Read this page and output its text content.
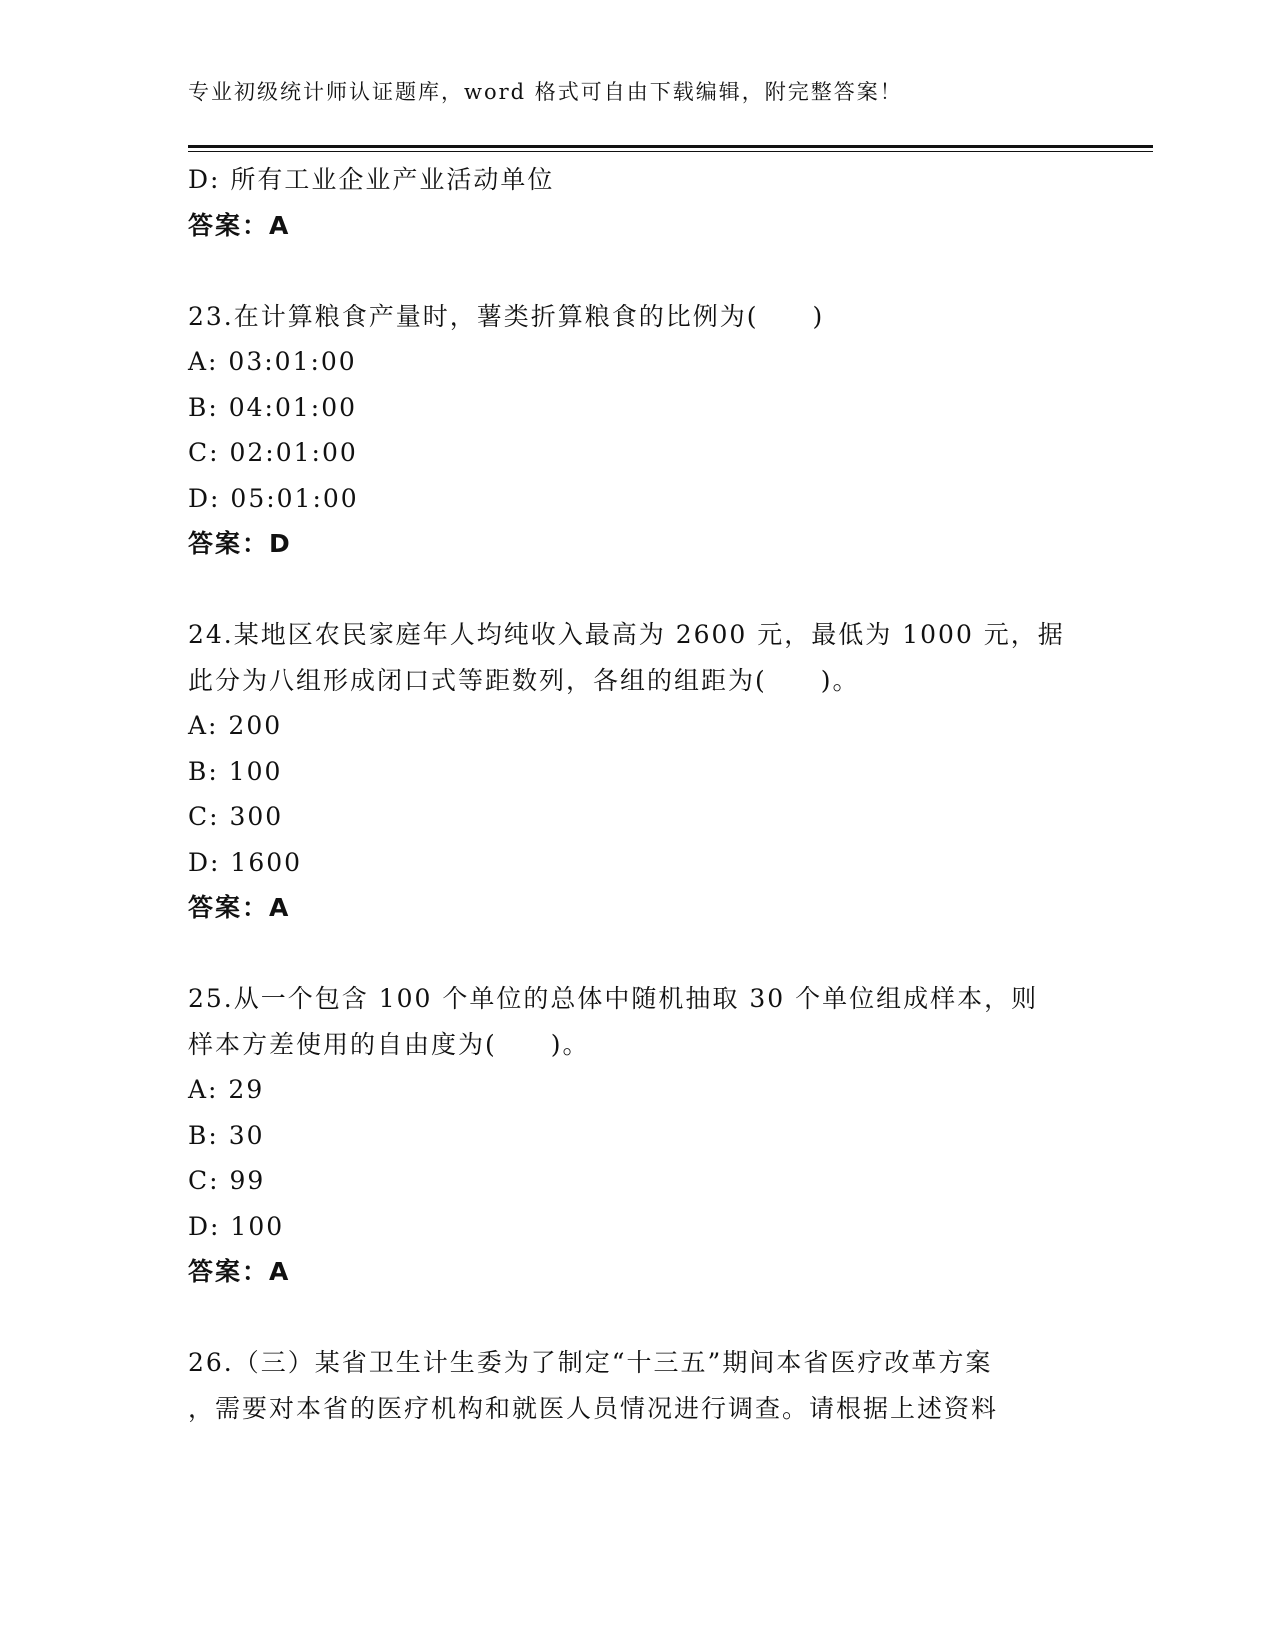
专业初级统计师认证题库，word 格式可自由下载编辑，附完整答案！
D: 所有工业企业产业活动单位
答案：A
23.在计算粮食产量时，薯类折算粮食的比例为(　　)
A: 03:01:00
B: 04:01:00
C: 02:01:00
D: 05:01:00
答案：D
24.某地区农民家庭年人均纯收入最高为 2600 元，最低为 1000 元，据
此分为八组形成闭口式等距数列，各组的组距为(　　)。
A: 200
B: 100
C: 300
D: 1600
答案：A
25.从一个包含 100 个单位的总体中随机抽取 30 个单位组成样本，则
样本方差使用的自由度为(　　)。
A: 29
B: 30
C: 99
D: 100
答案：A
26.（三）某省卫生计生委为了制定“十三五”期间本省医疗改革方案
，需要对本省的医疗机构和就医人员情况进行调查。请根据上述资料
